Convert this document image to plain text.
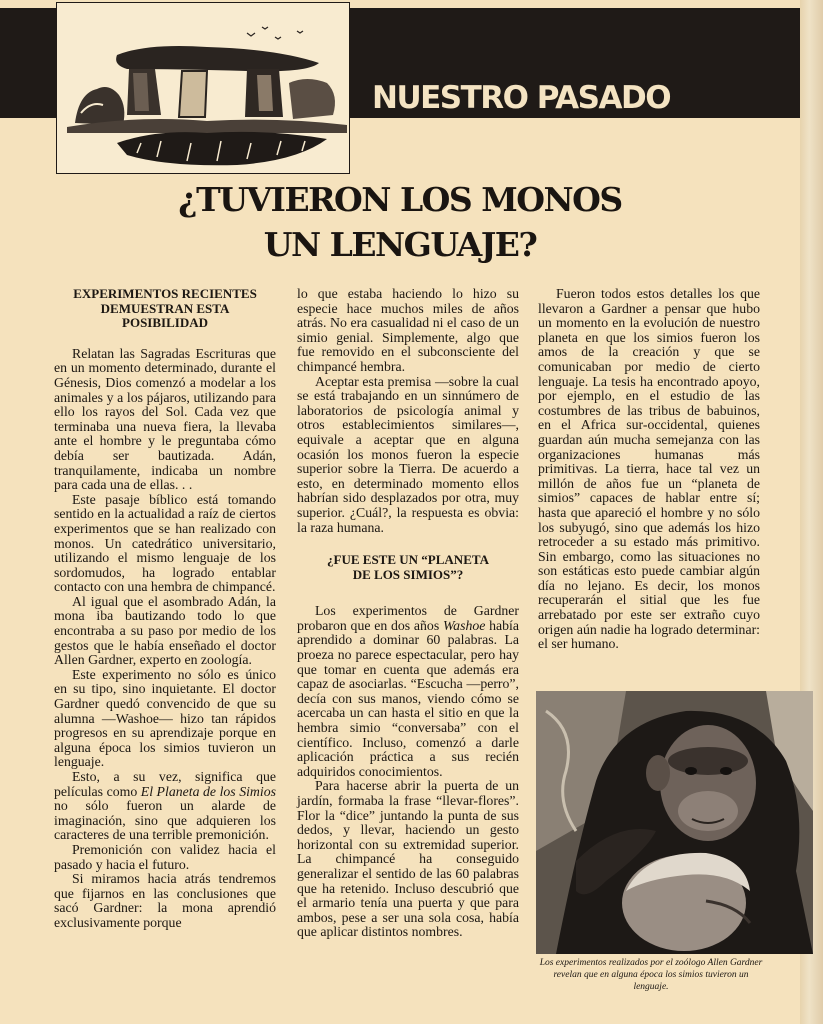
NUESTRO PASADO
¿TUVIERON LOS MONOS
UN LENGUAJE?
EXPERIMENTOS RECIENTES
DEMUESTRAN ESTA
POSIBILIDAD

Relatan las Sagradas Escrituras que en un momento determinado, durante el Génesis, Dios comenzó a modelar a los animales y a los pájaros, utilizando para ello los rayos del Sol. Cada vez que terminaba una nueva fiera, la llevaba ante el hombre y le preguntaba cómo debía ser bautizada. Adán, tranquilamente, indicaba un nombre para cada una de ellas. . .

Este pasaje bíblico está tomando sentido en la actualidad a raíz de ciertos experimentos que se han realizado con monos. Un catedrático universitario, utilizando el mismo lenguaje de los sordomudos, ha logrado entablar contacto con una hembra de chimpancé.

Al igual que el asombrado Adán, la mona iba bautizando todo lo que encontraba a su paso por medio de los gestos que le había enseñado el doctor Allen Gardner, experto en zoología.

Este experimento no sólo es único en su tipo, sino inquietante. El doctor Gardner quedó convencido de que su alumna —Washoe— hizo tan rápidos progresos en su aprendizaje porque en alguna época los simios tuvieron un lenguaje.

Esto, a su vez, significa que películas como El Planeta de los Simios no sólo fueron un alarde de imaginación, sino que adquieren los caracteres de una terrible premonición.

Premonición con validez hacia el pasado y hacia el futuro.

Si miramos hacia atrás tendremos que fijarnos en las conclusiones que sacó Gardner: la mona aprendió exclusivamente porque

lo que estaba haciendo lo hizo su especie hace muchos miles de años atrás. No era casualidad ni el caso de un simio genial. Simplemente, algo que fue removido en el subconsciente del chimpancé hembra.

Aceptar esta premisa —sobre la cual se está trabajando en un sinnúmero de laboratorios de psicología animal y otros establecimientos similares—, equivale a aceptar que en alguna ocasión los monos fueron la especie superior sobre la Tierra. De acuerdo a esto, en determinado momento ellos habrían sido desplazados por otra, muy superior. ¿Cuál?, la respuesta es obvia: la raza humana.

¿FUE ESTE UN “PLANETA
DE LOS SIMIOS”?

Los experimentos de Gardner probaron que en dos años Washoe había aprendido a dominar 60 palabras. La proeza no parece espectacular, pero hay que tomar en cuenta que además era capaz de asociarlas. “Escucha —perro”, decía con sus manos, viendo cómo se acercaba un can hasta el sitio en que la hembra simio “conversaba” con el científico. Incluso, comenzó a darle aplicación práctica a sus recién adquiridos conocimientos.

Para hacerse abrir la puerta de un jardín, formaba la frase “llevar-flores”. Flor la “dice” juntando la punta de sus dedos, y llevar, haciendo un gesto horizontal con su extremidad superior. La chimpancé ha conseguido generalizar el sentido de las 60 palabras que ha retenido. Incluso descubrió que el armario tenía una puerta y que para ambos, pese a ser una sola cosa, había que aplicar distintos nombres.

Fueron todos estos detalles los que llevaron a Gardner a pensar que hubo un momento en la evolución de nuestro planeta en que los simios fueron los amos de la creación y que se comunicaban por medio de cierto lenguaje. La tesis ha encontrado apoyo, por ejemplo, en el estudio de las costumbres de las tribus de babuinos, en el Africa sur-occidental, quienes guardan aún mucha semejanza con las organizaciones humanas más primitivas. La tierra, hace tal vez un millón de años fue un “planeta de simios” capaces de hablar entre sí; hasta que apareció el hombre y no sólo los subyugó, sino que además los hizo retroceder a su estado más primitivo. Sin embargo, como las situaciones no son estáticas esto puede cambiar algún día no lejano. Es decir, los monos recuperarán el sitial que les fue arrebatado por este ser extraño cuyo origen aún nadie ha logrado determinar: el ser humano.

Los experimentos realizados por el zoólogo Allen Gardner revelan que en alguna época los simios tuvieron un lenguaje.
